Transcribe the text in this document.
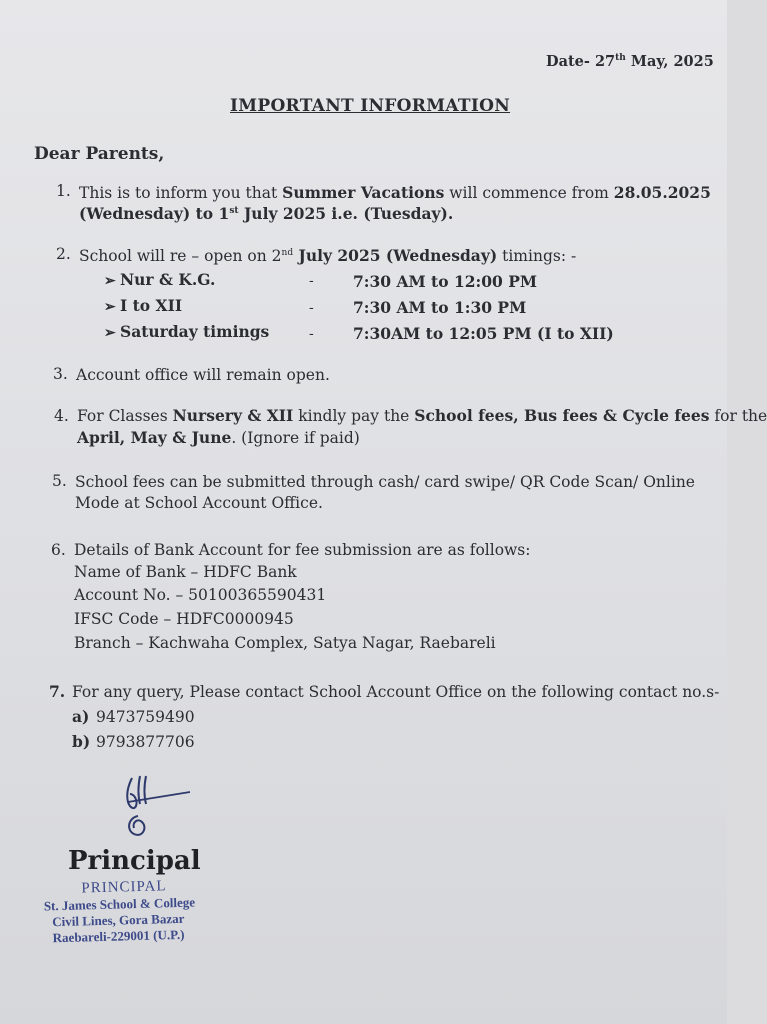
Date- 27th May, 2025
IMPORTANT INFORMATION
Dear Parents,
1. This is to inform you that Summer Vacations will commence from 28.05.2025
(Wednesday) to 1st July 2025 i.e. (Tuesday).
2. School will re – open on 2nd July 2025 (Wednesday) timings: -
➢ Nur & K.G.	-	7:30 AM to 12:00 PM
➢ I to XII	-	7:30 AM to 1:30 PM
➢ Saturday timings	-	7:30AM to 12:05 PM (I to XII)
3. Account office will remain open.
4. For Classes Nursery & XII kindly pay the School fees, Bus fees & Cycle fees for the
April, May & June. (Ignore if paid)
5. School fees can be submitted through cash/ card swipe/ QR Code Scan/ Online
Mode at School Account Office.
6. Details of Bank Account for fee submission are as follows:
Name of Bank – HDFC Bank
Account No. – 50100365590431
IFSC Code – HDFC0000945
Branch – Kachwaha Complex, Satya Nagar, Raebareli
7. For any query, Please contact School Account Office on the following contact no.s-
a) 9473759490
b) 9793877706
Principal
PRINCIPAL
St. James School & College
Civil Lines, Gora Bazar
Raebareli-229001 (U.P.)
